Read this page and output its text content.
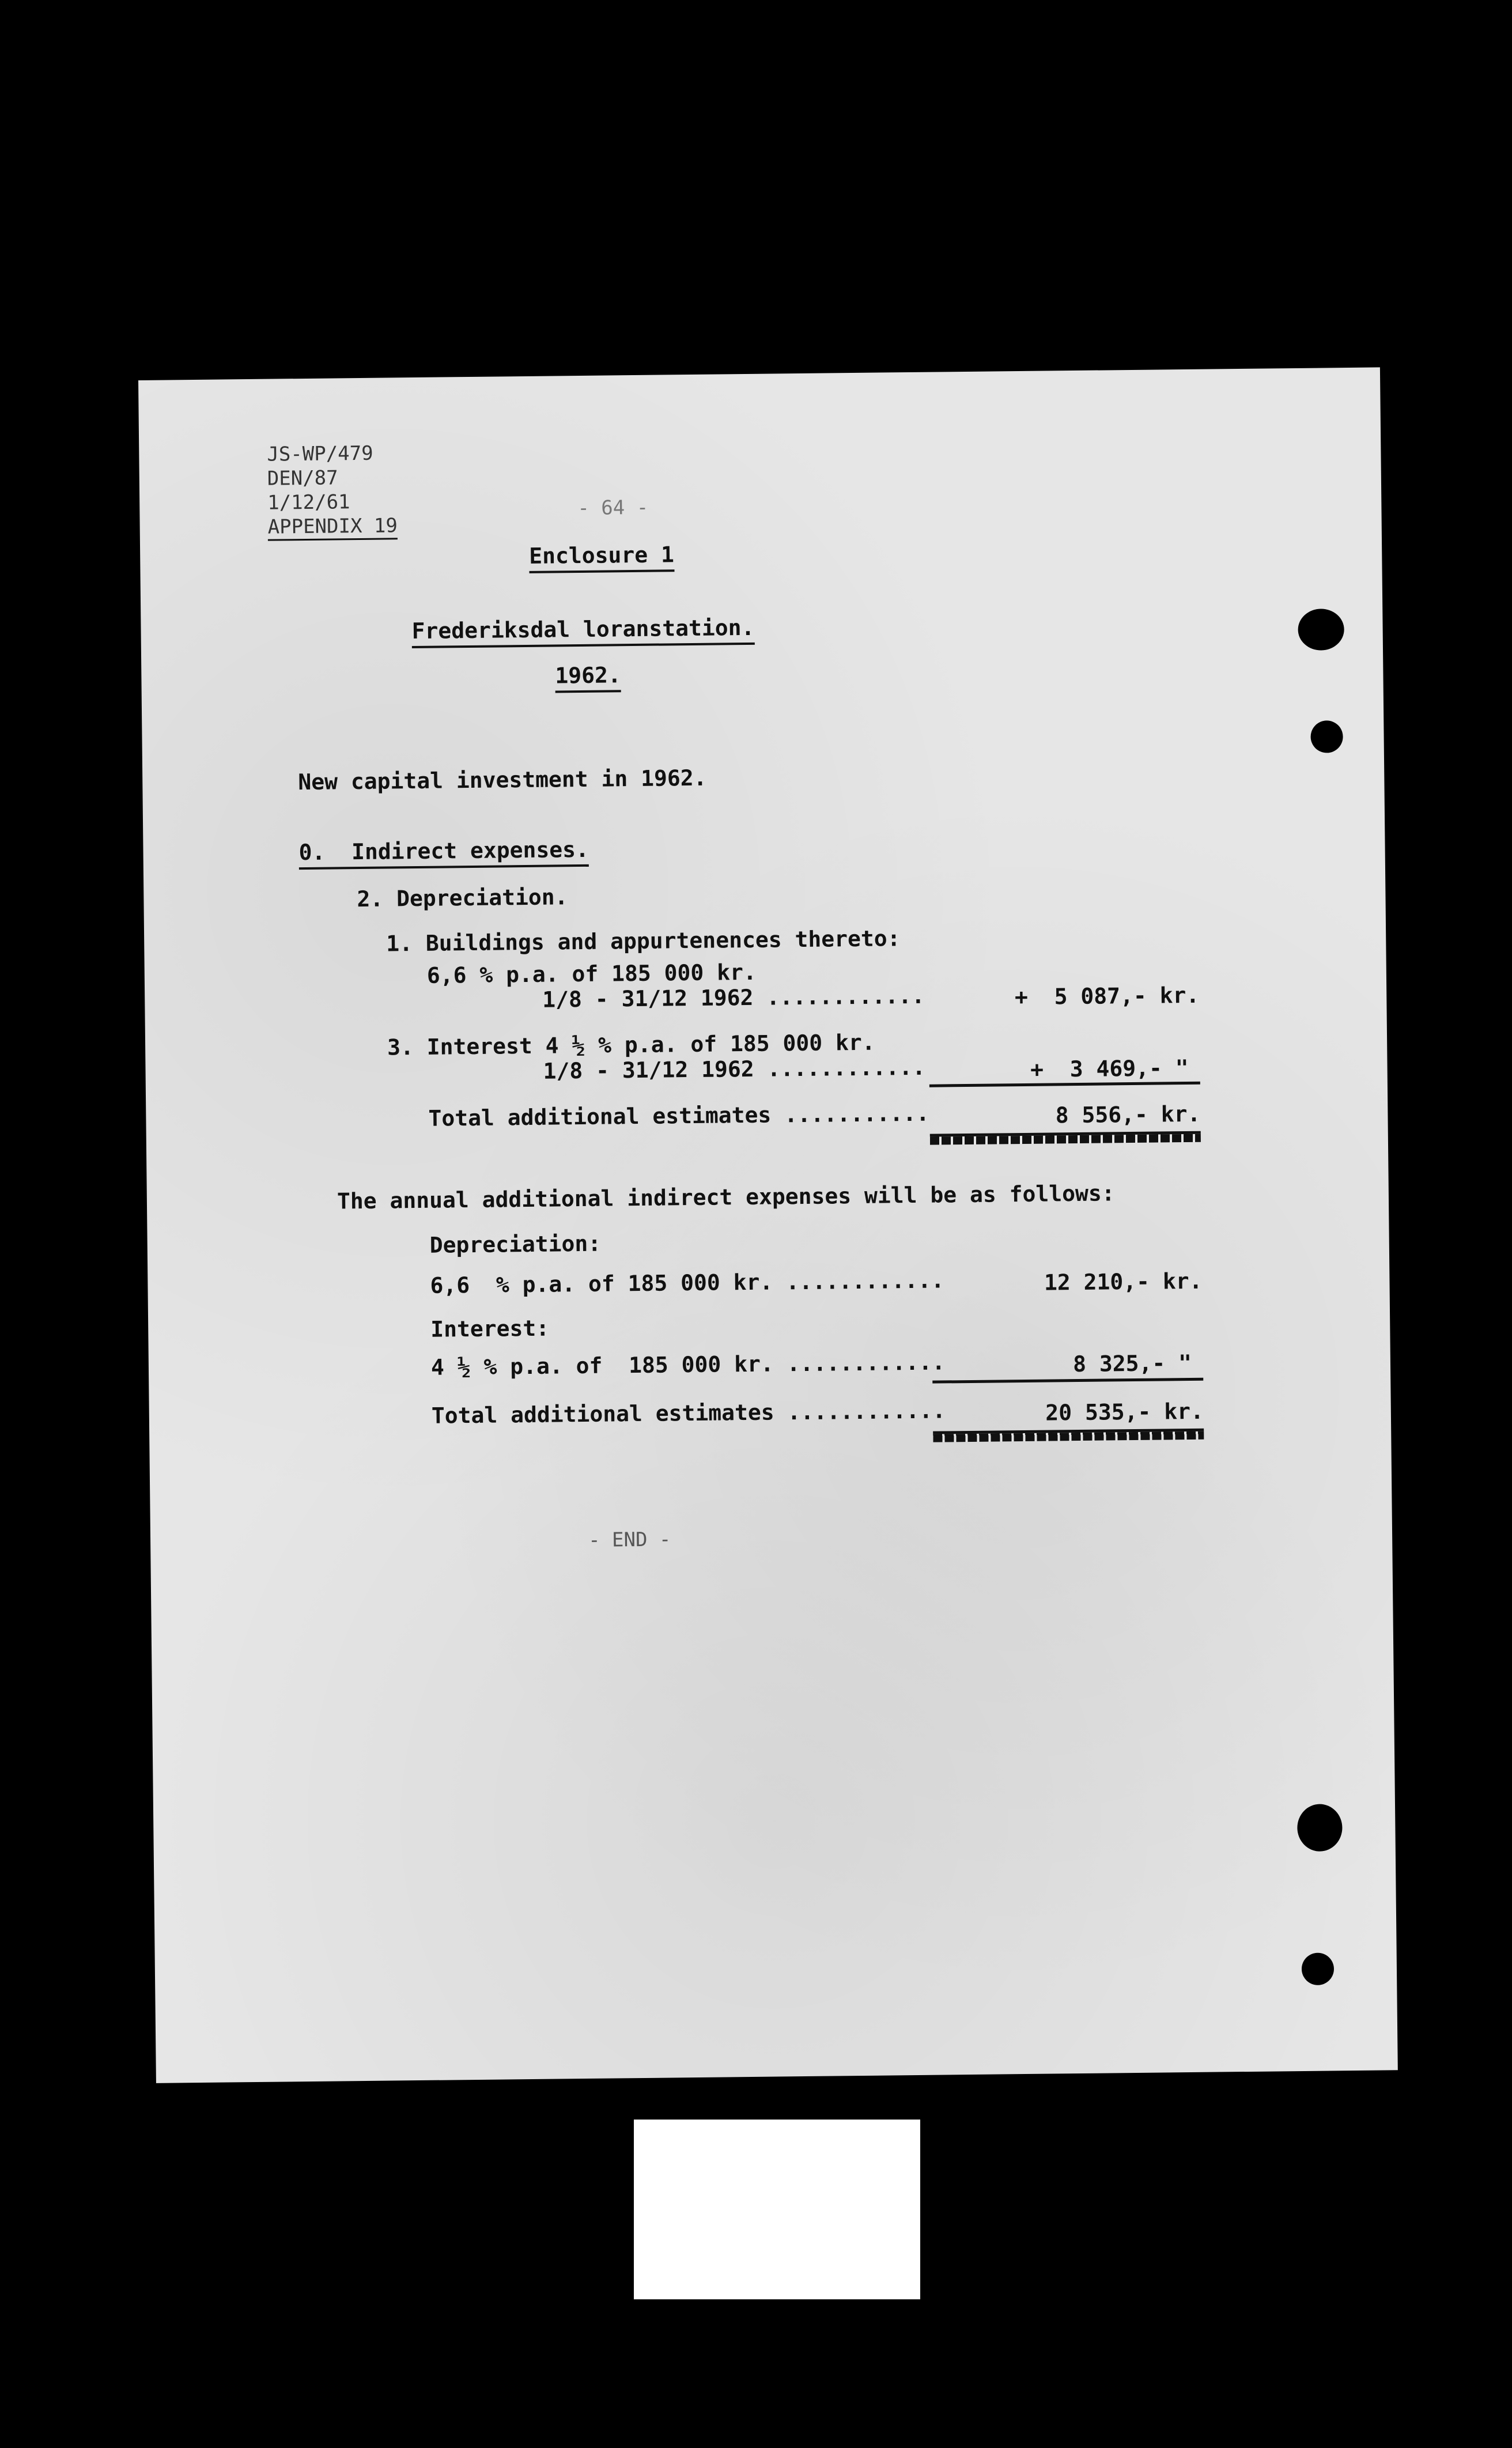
JS-WP/479
DEN/87
1/12/61
APPENDIX 19
- 64 -
Enclosure 1
Frederiksdal loranstation.
1962.
New capital investment in 1962.
0.  Indirect expenses.
2. Depreciation.
1. Buildings and appurtenences thereto:
6,6 % p.a. of 185 000 kr.
1/8 - 31/12 1962 ............	+  5 087,- kr.
3. Interest 4 ½ % p.a. of 185 000 kr.
1/8 - 31/12 1962 ............	+  3 469,- "
Total additional estimates ...........	8 556,- kr.
The annual additional indirect expenses will be as follows:
Depreciation:
6,6  % p.a. of 185 000 kr. ............	12 210,- kr.
Interest:
4 ½ % p.a. of  185 000 kr. ............	8 325,- "
Total additional estimates ............	20 535,- kr.
- END -
